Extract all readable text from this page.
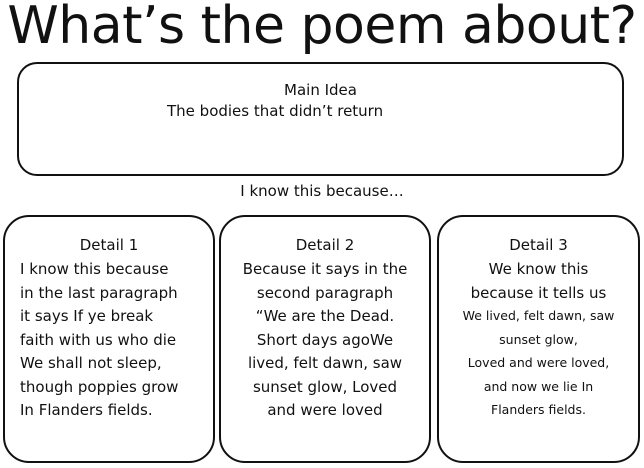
What’s the poem about?
Main Idea
The bodies that didn’t return
I know this because…
Detail 1
I know this because
in the last paragraph
it says If ye break
faith with us who die
We shall not sleep,
though poppies grow
In Flanders fields.
Detail 2
Because it says in the
second paragraph
“We are the Dead.
Short days agoWe
lived, felt dawn, saw
sunset glow, Loved
and were loved
Detail 3
We know this
because it tells us
We lived, felt dawn, saw
sunset glow,
Loved and were loved,
and now we lie In
Flanders fields.
